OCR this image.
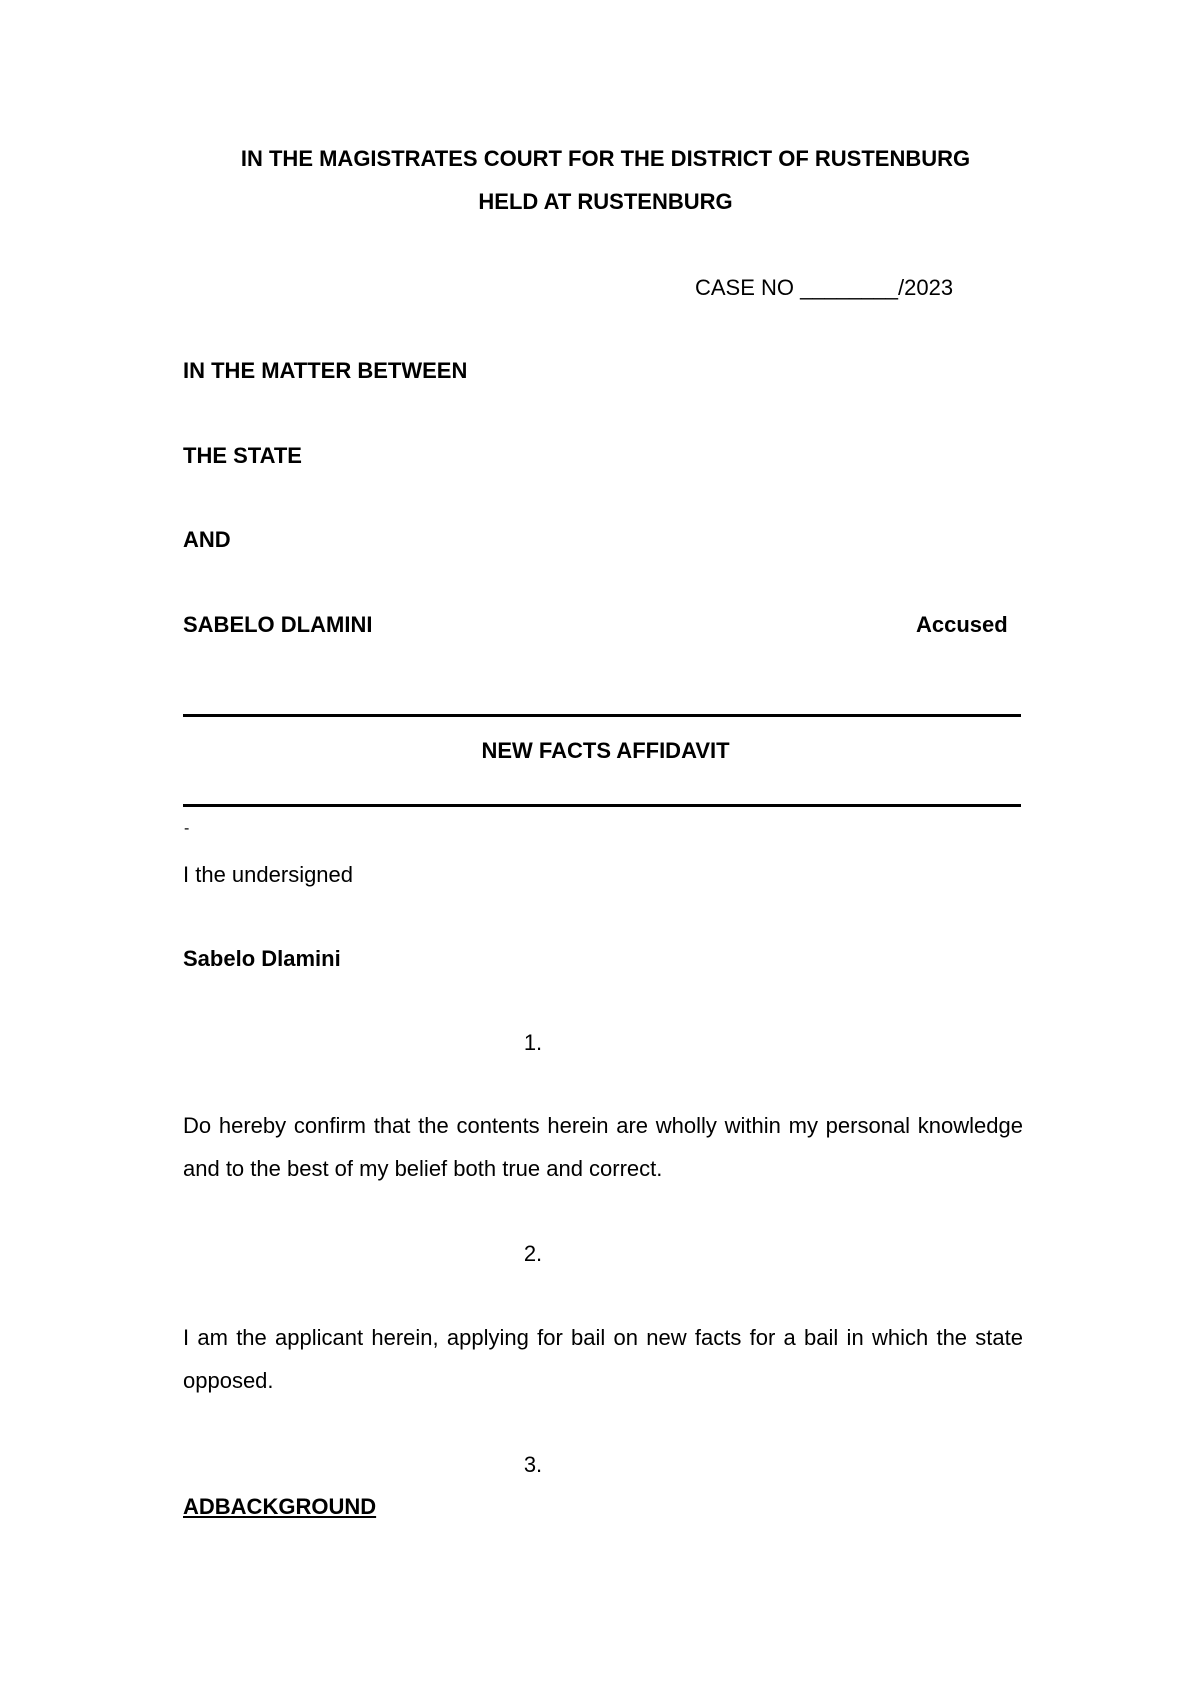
IN THE MAGISTRATES COURT FOR THE DISTRICT OF RUSTENBURG
HELD AT RUSTENBURG
CASE NO ________/2023
IN THE MATTER BETWEEN
THE STATE
AND
SABELO DLAMINI	Accused
NEW FACTS AFFIDAVIT
-
I the undersigned
Sabelo Dlamini
1.
Do hereby confirm that the contents herein are wholly within my personal knowledge and to the best of my belief both true and correct.
2.
I am the applicant herein, applying for bail on new facts for a bail in which the state opposed.
3.
ADBACKGROUND
